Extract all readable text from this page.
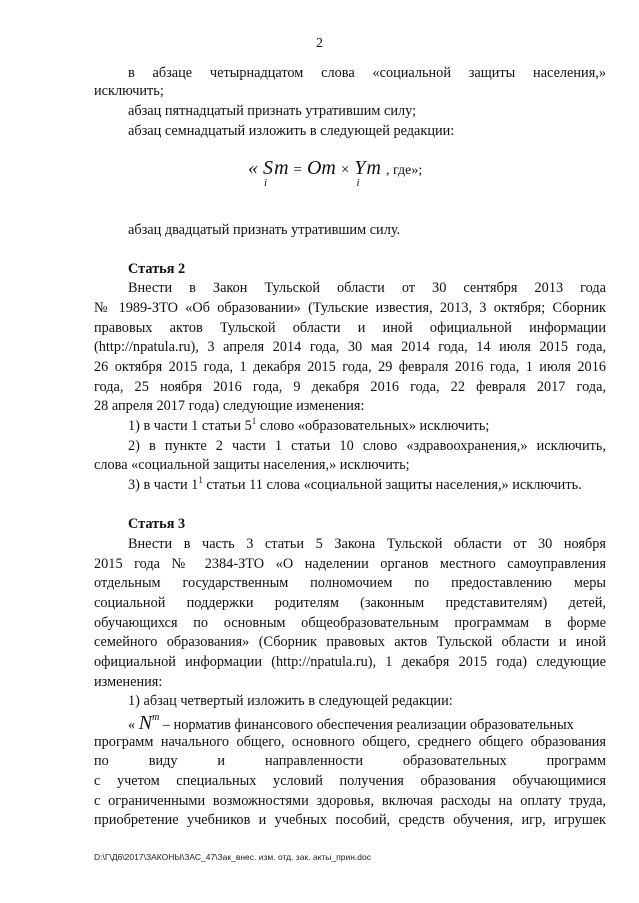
2
в абзаце четырнадцатом слова «социальной защиты населения,»
исключить;
абзац пятнадцатый признать утратившим силу;
абзац семнадцатый изложить в следующей редакции:
абзац двадцатый признать утратившим силу.
Статья 2
Внести в Закон Тульской области от 30 сентября 2013 года
№ 1989-ЗТО «Об образовании» (Тульские известия, 2013, 3 октября; Сборник
правовых актов Тульской области и иной официальной информации
(http://npatula.ru), 3 апреля 2014 года, 30 мая 2014 года, 14 июля 2015 года,
26 октября 2015 года, 1 декабря 2015 года, 29 февраля 2016 года, 1 июля 2016
года, 25 ноября 2016 года, 9 декабря 2016 года, 22 февраля 2017 года,
28 апреля 2017 года) следующие изменения:
1) в части 1 статьи $5^1$ слово «образовательных» исключить;
2) в пункте 2 части 1 статьи 10 слово «здравоохранения,» исключить,
слова «социальной защиты населения,» исключить;
3) в части $1^1$ статьи 11 слова «социальной защиты населения,» исключить.
Статья 3
Внести в часть 3 статьи 5 Закона Тульской области от 30 ноября
2015 года № 2384-ЗТО «О наделении органов местного самоуправления
отдельным государственным полномочием по предоставлению меры
социальной поддержки родителям (законным представителям) детей,
обучающихся по основным общеобразовательным программам в форме
семейного образования» (Сборник правовых актов Тульской области и иной
официальной информации (http://npatula.ru), 1 декабря 2015 года) следующие
изменения:
1) абзац четвертый изложить в следующей редакции:
программ начального общего, основного общего, среднего общего образования
по виду и направленности образовательных программ
с учетом специальных условий получения образования обучающимися
с ограниченными возможностями здоровья, включая расходы на оплату труда,
приобретение учебников и учебных пособий, средств обучения, игр, игрушек
« $S_i$ $m = Om \times Y_i$ m , где»;
« $N^m$ – норматив финансового обеспечения реализации образовательных
D:\Г\Д6\2017\ЗАКОНЫ\ЗАС_47\Зак_внес. изм. отд. зак. акты_прин.doc
